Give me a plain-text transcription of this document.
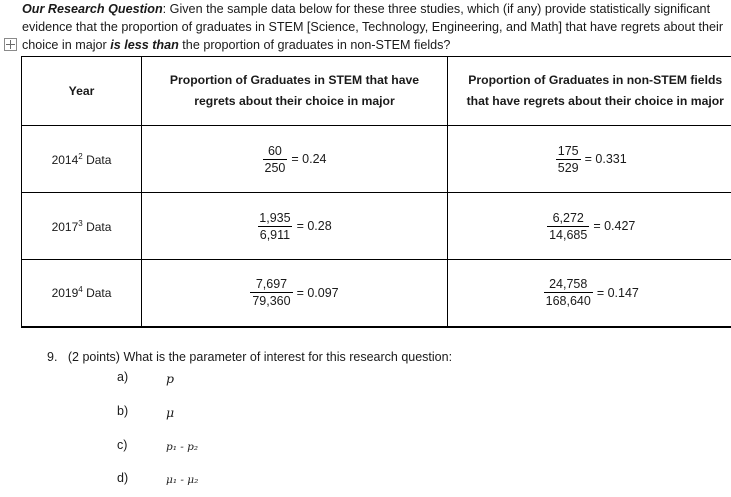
Our Research Question: Given the sample data below for these three studies, which (if any) provide statistically significant evidence that the proportion of graduates in STEM [Science, Technology, Engineering, and Math] that have regrets about their choice in major is less than the proportion of graduates in non-STEM fields?
Year	Proportion of Graduates in STEM that have regrets about their choice in major	Proportion of Graduates in non-STEM fields that have regrets about their choice in major
2014$^2$ Data	$\frac{60}{250} = 0.24$	$\frac{175}{529} = 0.331$
2017$^3$ Data	$\frac{1,935}{6,911} = 0.28$	$\frac{6,272}{14,685} = 0.427$
2019$^4$ Data	$\frac{7,697}{79,360} = 0.097$	$\frac{24,758}{168,640} = 0.147$
9. (2 points) What is the parameter of interest for this research question:
a)	p
b)	μ
c)	p₁ - p₂
d)	μ₁ - μ₂
